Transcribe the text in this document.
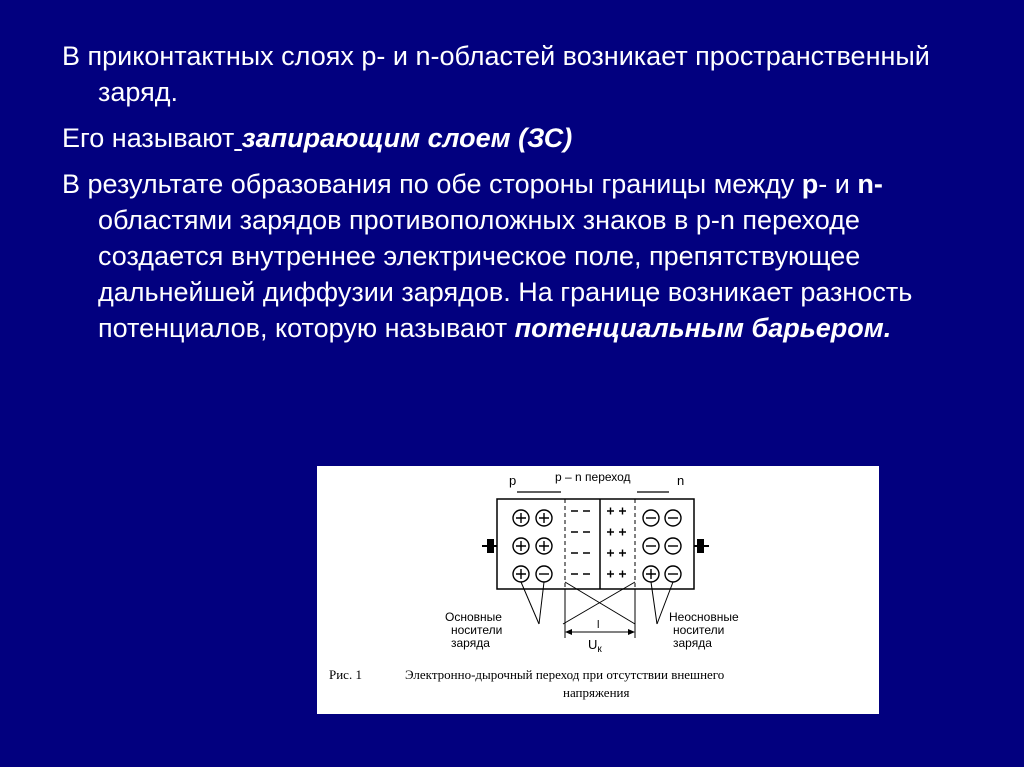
В приконтактных слоях p- и n-областей возникает пространственный заряд.

Его называют запирающим слоем (ЗС)

В результате образования по обе стороны границы между p- и n- областями зарядов противоположных знаков в p-n переходе создается внутреннее электрическое поле, препятствующее дальнейшей диффузии зарядов. На границе возникает разность потенциалов, которую называют потенциальным барьером.

p	p – n переход	n
l
$U_к$
Основные
носители
заряда
Неосновные
носители
заряда
Рис. 1	Электронно-дырочный переход при отсутствии внешнего
напряжения
